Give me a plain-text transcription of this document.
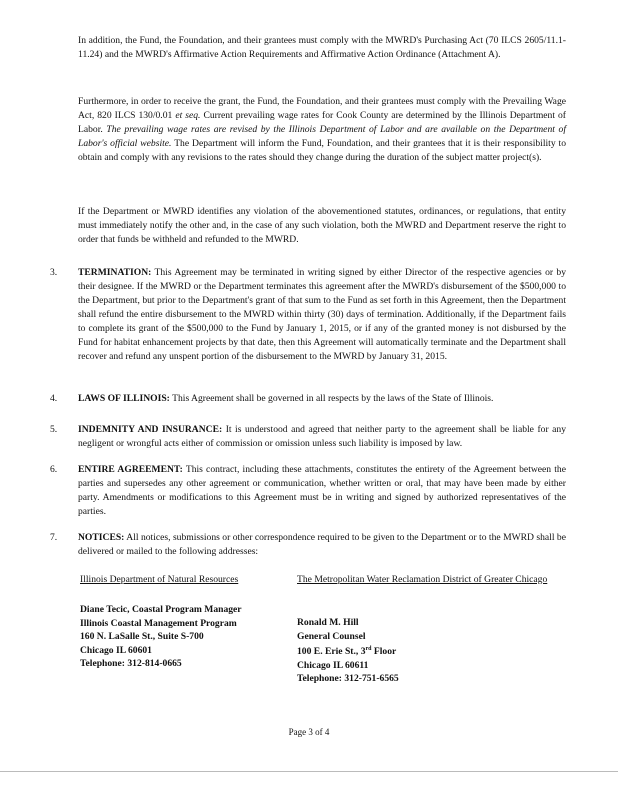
In addition, the Fund, the Foundation, and their grantees must comply with the MWRD's Purchasing Act (70 ILCS 2605/11.1-11.24) and the MWRD's Affirmative Action Requirements and Affirmative Action Ordinance (Attachment A).

Furthermore, in order to receive the grant, the Fund, the Foundation, and their grantees must comply with the Prevailing Wage Act, 820 ILCS 130/0.01 et seq. Current prevailing wage rates for Cook County are determined by the Illinois Department of Labor. The prevailing wage rates are revised by the Illinois Department of Labor and are available on the Department of Labor's official website. The Department will inform the Fund, Foundation, and their grantees that it is their responsibility to obtain and comply with any revisions to the rates should they change during the duration of the subject matter project(s).

If the Department or MWRD identifies any violation of the abovementioned statutes, ordinances, or regulations, that entity must immediately notify the other and, in the case of any such violation, both the MWRD and Department reserve the right to order that funds be withheld and refunded to the MWRD.

3. TERMINATION: This Agreement may be terminated in writing signed by either Director of the respective agencies or by their designee. If the MWRD or the Department terminates this agreement after the MWRD's disbursement of the $500,000 to the Department, but prior to the Department's grant of that sum to the Fund as set forth in this Agreement, then the Department shall refund the entire disbursement to the MWRD within thirty (30) days of termination. Additionally, if the Department fails to complete its grant of the $500,000 to the Fund by January 1, 2015, or if any of the granted money is not disbursed by the Fund for habitat enhancement projects by that date, then this Agreement will automatically terminate and the Department shall recover and refund any unspent portion of the disbursement to the MWRD by January 31, 2015.

4. LAWS OF ILLINOIS: This Agreement shall be governed in all respects by the laws of the State of Illinois.

5. INDEMNITY AND INSURANCE: It is understood and agreed that neither party to the agreement shall be liable for any negligent or wrongful acts either of commission or omission unless such liability is imposed by law.

6. ENTIRE AGREEMENT: This contract, including these attachments, constitutes the entirety of the Agreement between the parties and supersedes any other agreement or communication, whether written or oral, that may have been made by either party. Amendments or modifications to this Agreement must be in writing and signed by authorized representatives of the parties.

7. NOTICES: All notices, submissions or other correspondence required to be given to the Department or to the MWRD shall be delivered or mailed to the following addresses:

Illinois Department of Natural Resources	The Metropolitan Water Reclamation District of Greater Chicago

Diane Tecic, Coastal Program Manager
Illinois Coastal Management Program
160 N. LaSalle St., Suite S-700
Chicago IL 60601
Telephone: 312-814-0665
Ronald M. Hill
General Counsel
100 E. Erie St., 3rd Floor
Chicago IL 60611
Telephone: 312-751-6565
Page 3 of 4
